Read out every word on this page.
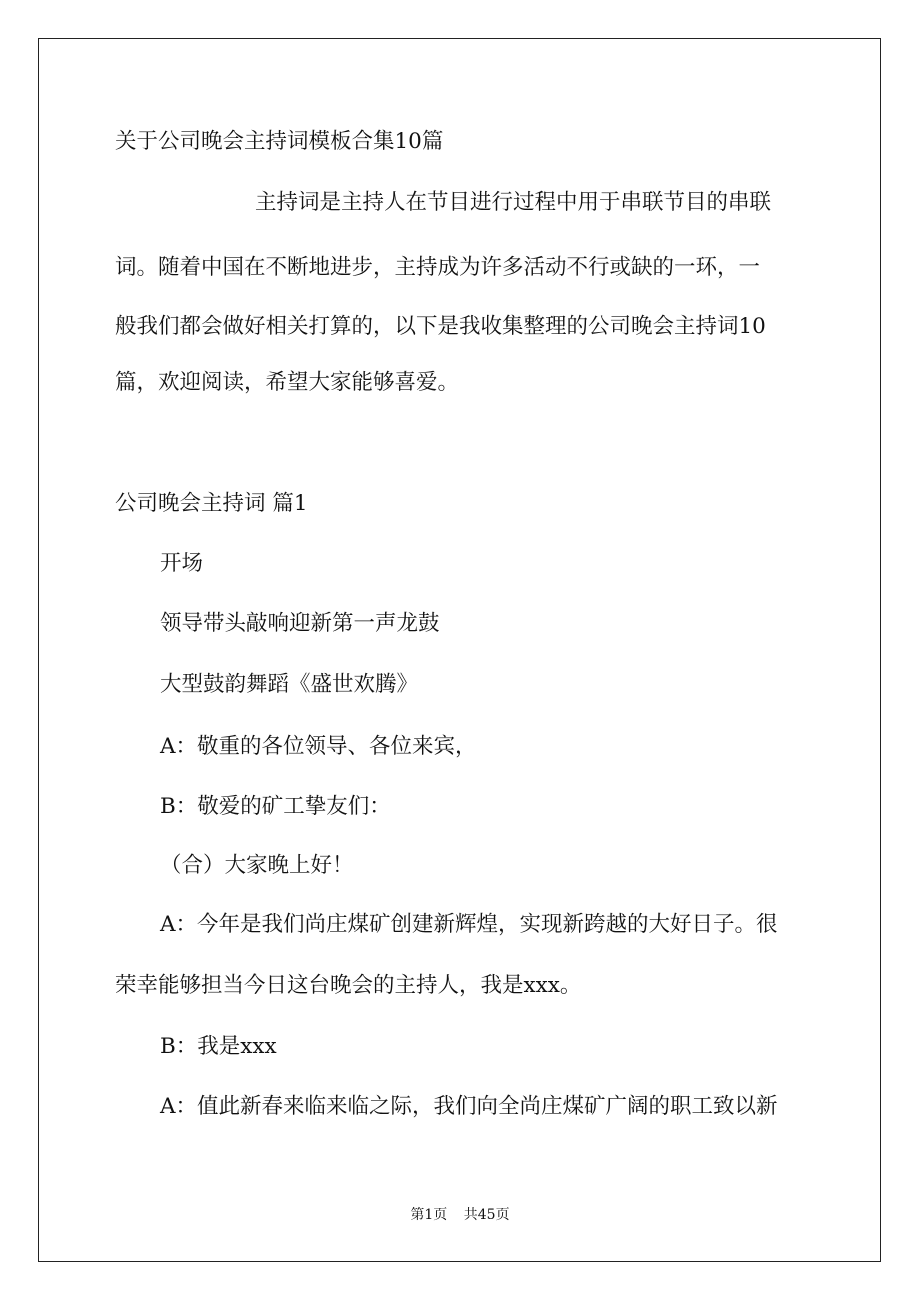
关于公司晚会主持词模板合集10篇
主持词是主持人在节目进行过程中用于串联节目的串联
词。随着中国在不断地进步，主持成为许多活动不行或缺的一环，一
般我们都会做好相关打算的，以下是我收集整理的公司晚会主持词10
篇，欢迎阅读，希望大家能够喜爱。
公司晚会主持词 篇1
开场
领导带头敲响迎新第一声龙鼓
大型鼓韵舞蹈《盛世欢腾》
A：敬重的各位领导、各位来宾，
B：敬爱的矿工挚友们：
（合）大家晚上好！
A：今年是我们尚庄煤矿创建新辉煌，实现新跨越的大好日子。很
荣幸能够担当今日这台晚会的主持人，我是xxx。
B：我是xxx
A：值此新春来临来临之际，我们向全尚庄煤矿广阔的职工致以新
第1页 共45页
